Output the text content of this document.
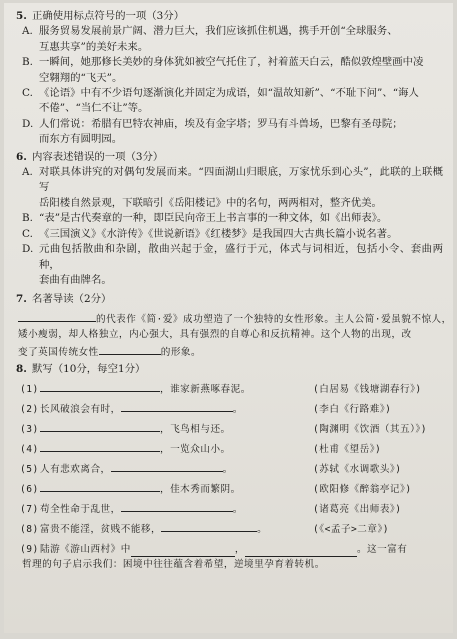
5. 正确使用标点符号的一项（3分）
A. 服务贸易发展前景广阔、潜力巨大，我们应该抓住机遇，携手开创“全球服务、
互惠共享”的美好未来。
B. 一瞬间，她那修长美妙的身体犹如被空气托住了，衬着蓝天白云，酷似敦煌壁画中凌
空翱翔的“飞天”。
C. 《论语》中有不少语句逐渐演化并固定为成语，如“温故知新”、“不耻下问”、“诲人
不倦”、“当仁不让”等。
D. 人们常说：希腊有巴特农神庙，埃及有金字塔；罗马有斗兽场，巴黎有圣母院；
而东方有圆明园。
6. 内容表述错误的一项（3分）
A. 对联具体讲究的对偶句发展而来。“四面湖山归眼底，万家忧乐到心头”，此联的上联概写
岳阳楼自然景观，下联暗引《岳阳楼记》中的名句，两两相对，整齐优美。
B. “表”是古代奏章的一种，即臣民向帝王上书言事的一种文体，如《出师表》。
C. 《三国演义》《水浒传》《世说新语》《红楼梦》是我国四大古典长篇小说名著。
D. 元曲包括散曲和杂剧，散曲兴起于金，盛行于元，体式与词相近，包括小令、套曲两种，
套曲有曲牌名。
7. 名著导读（2分）
的代表作《简·爱》成功塑造了一个独特的女性形象。主人公简·爱虽貌不惊人，
矮小瘦弱，却人格独立，内心强大，具有强烈的自尊心和反抗精神。这个人物的出现，改
变了英国传统女性	的形象。
8. 默写（10分，每空1分）
(1)	，谁家新燕啄春泥。	(白居易《钱塘湖春行》)
(2)长风破浪会有时，	。	(李白《行路难》)
(3)	，飞鸟相与还。	(陶渊明《饮酒（其五）》)
(4)	，一览众山小。	(杜甫《望岳》)
(5)人有悲欢离合，	。	(苏轼《水调歌头》)
(6)	，佳木秀而繁阴。	(欧阳修《醉翁亭记》)
(7)苟全性命于乱世，	。	(诸葛亮《出师表》)
(8)富贵不能淫，贫贱不能移，	。	(《<孟子>二章》)
(9) 陆游《游山西村》中	，	。这一富有
哲理的句子启示我们：困境中往往蕴含着希望，逆境里孕育着转机。
